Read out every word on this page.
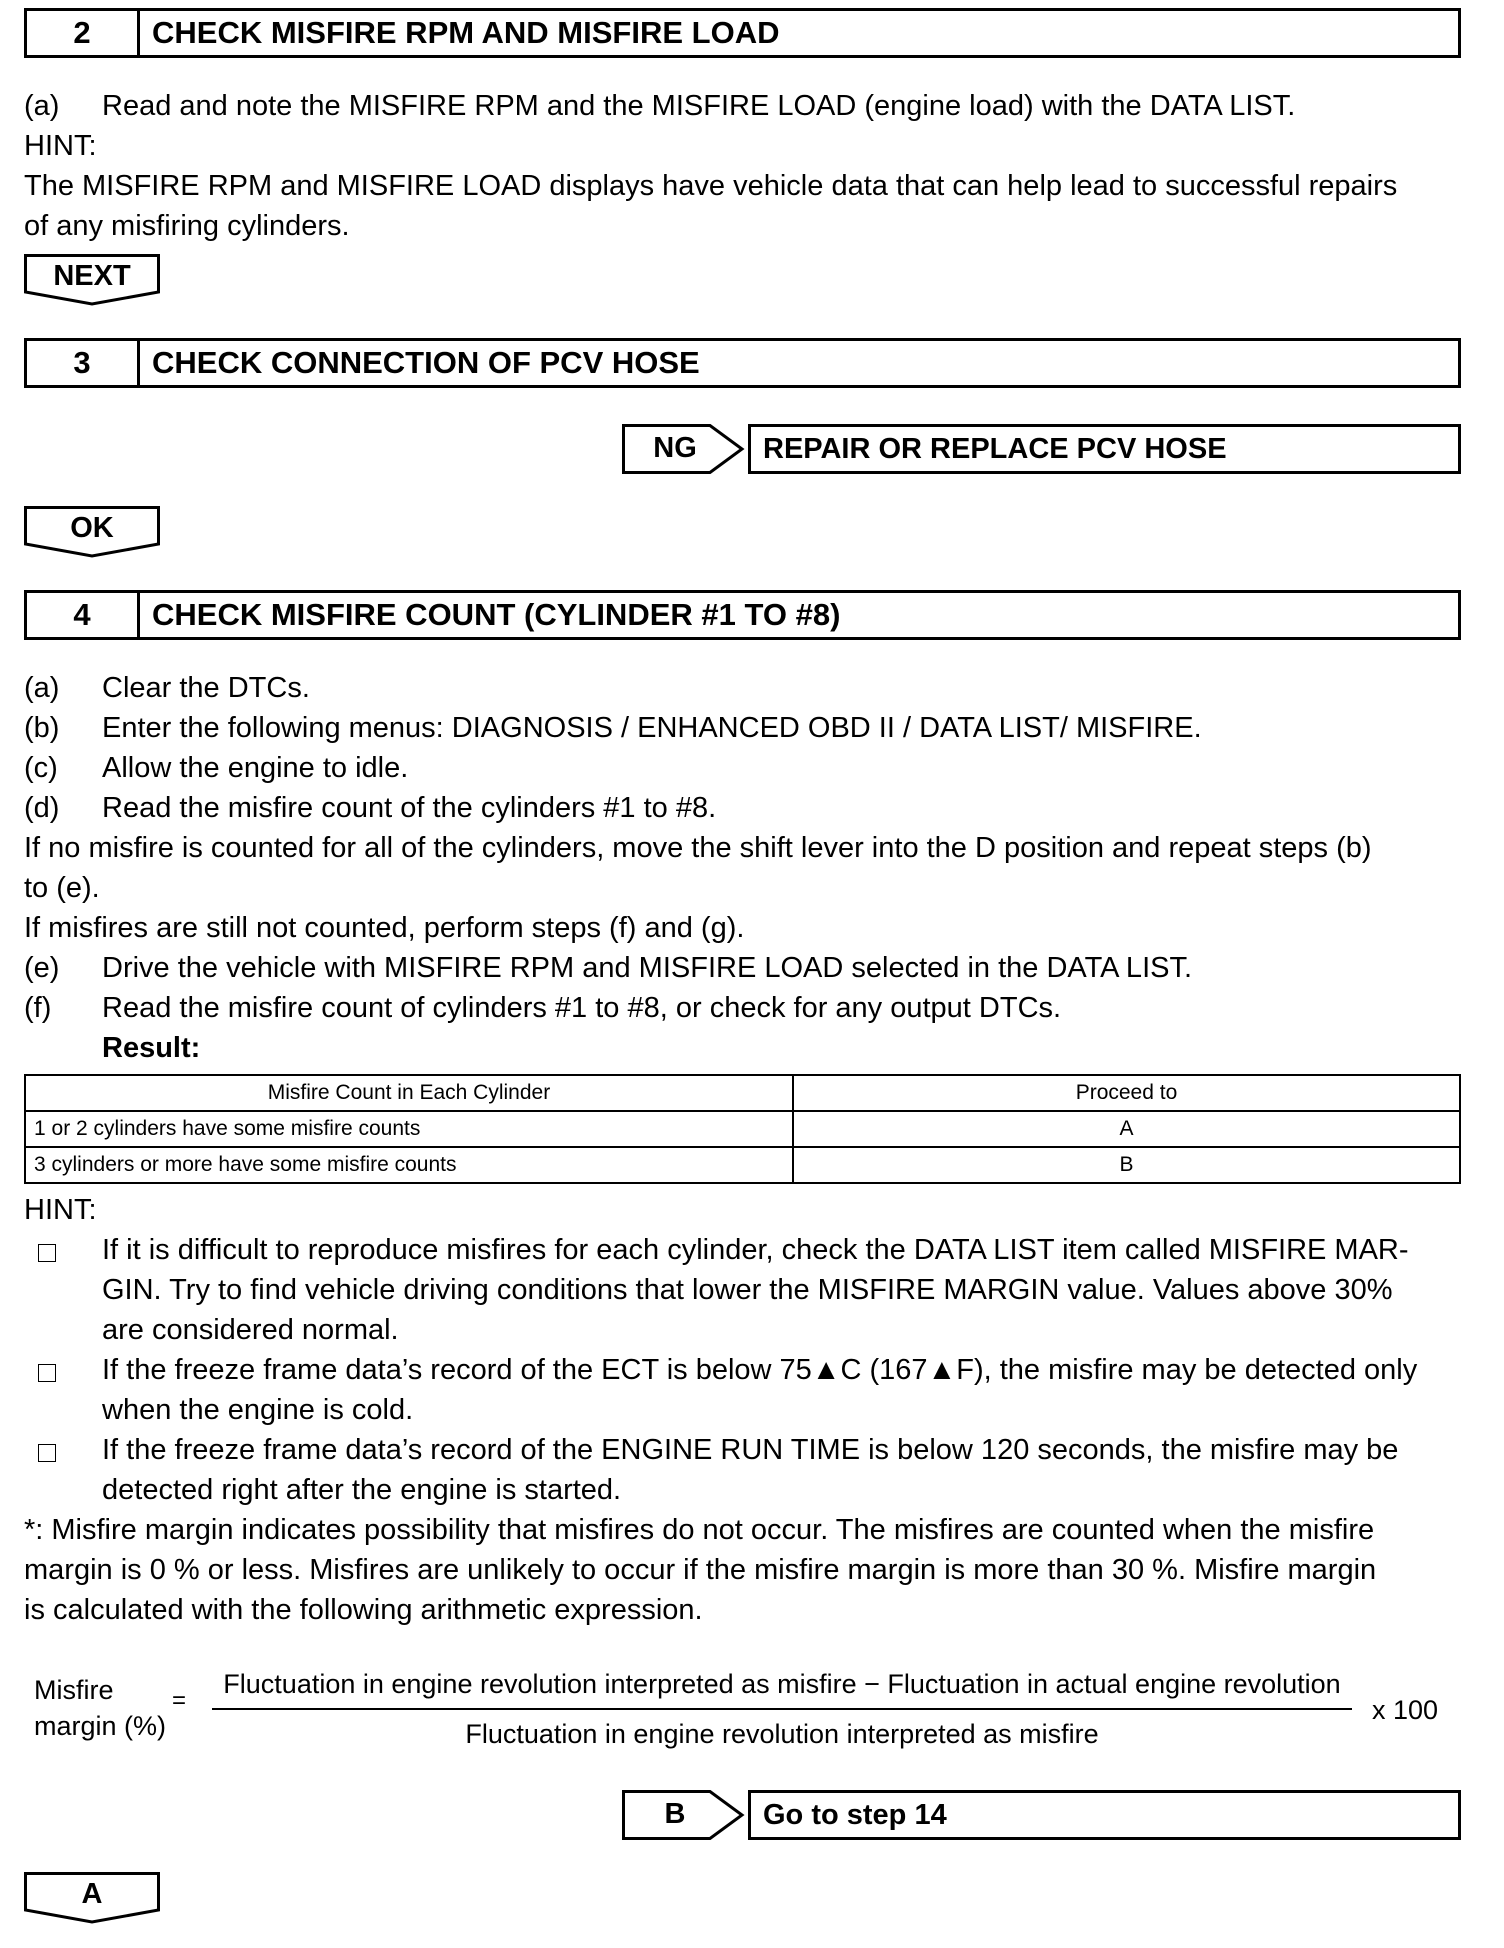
2	CHECK MISFIRE RPM AND MISFIRE LOAD
(a) Read and note the MISFIRE RPM and the MISFIRE LOAD (engine load) with the DATA LIST.
HINT:
The MISFIRE RPM and MISFIRE LOAD displays have vehicle data that can help lead to successful repairs
of any misfiring cylinders.
NEXT
3	CHECK CONNECTION OF PCV HOSE
NG	REPAIR OR REPLACE PCV HOSE
OK
4	CHECK MISFIRE COUNT (CYLINDER #1 TO #8)
(a) Clear the DTCs.
(b) Enter the following menus: DIAGNOSIS / ENHANCED OBD II / DATA LIST/ MISFIRE.
(c) Allow the engine to idle.
(d) Read the misfire count of the cylinders #1 to #8.
If no misfire is counted for all of the cylinders, move the shift lever into the D position and repeat steps (b)
to (e).
If misfires are still not counted, perform steps (f) and (g).
(e) Drive the vehicle with MISFIRE RPM and MISFIRE LOAD selected in the DATA LIST.
(f) Read the misfire count of cylinders #1 to #8, or check for any output DTCs.
Result:
Misfire Count in Each Cylinder	Proceed to
1 or 2 cylinders have some misfire counts	A
3 cylinders or more have some misfire counts	B
HINT:
If it is difficult to reproduce misfires for each cylinder, check the DATA LIST item called MISFIRE MAR-
GIN. Try to find vehicle driving conditions that lower the MISFIRE MARGIN value. Values above 30%
are considered normal.
If the freeze frame data’s record of the ECT is below 75▲C (167▲F), the misfire may be detected only
when the engine is cold.
If the freeze frame data’s record of the ENGINE RUN TIME is below 120 seconds, the misfire may be
detected right after the engine is started.
*: Misfire margin indicates possibility that misfires do not occur. The misfires are counted when the misfire
margin is 0 % or less. Misfires are unlikely to occur if the misfire margin is more than 30 %. Misfire margin
is calculated with the following arithmetic expression.
Misfire
margin (%)
=
Fluctuation in engine revolution interpreted as misfire − Fluctuation in actual engine revolution
Fluctuation in engine revolution interpreted as misfire
x 100
B	Go to step 14
A
